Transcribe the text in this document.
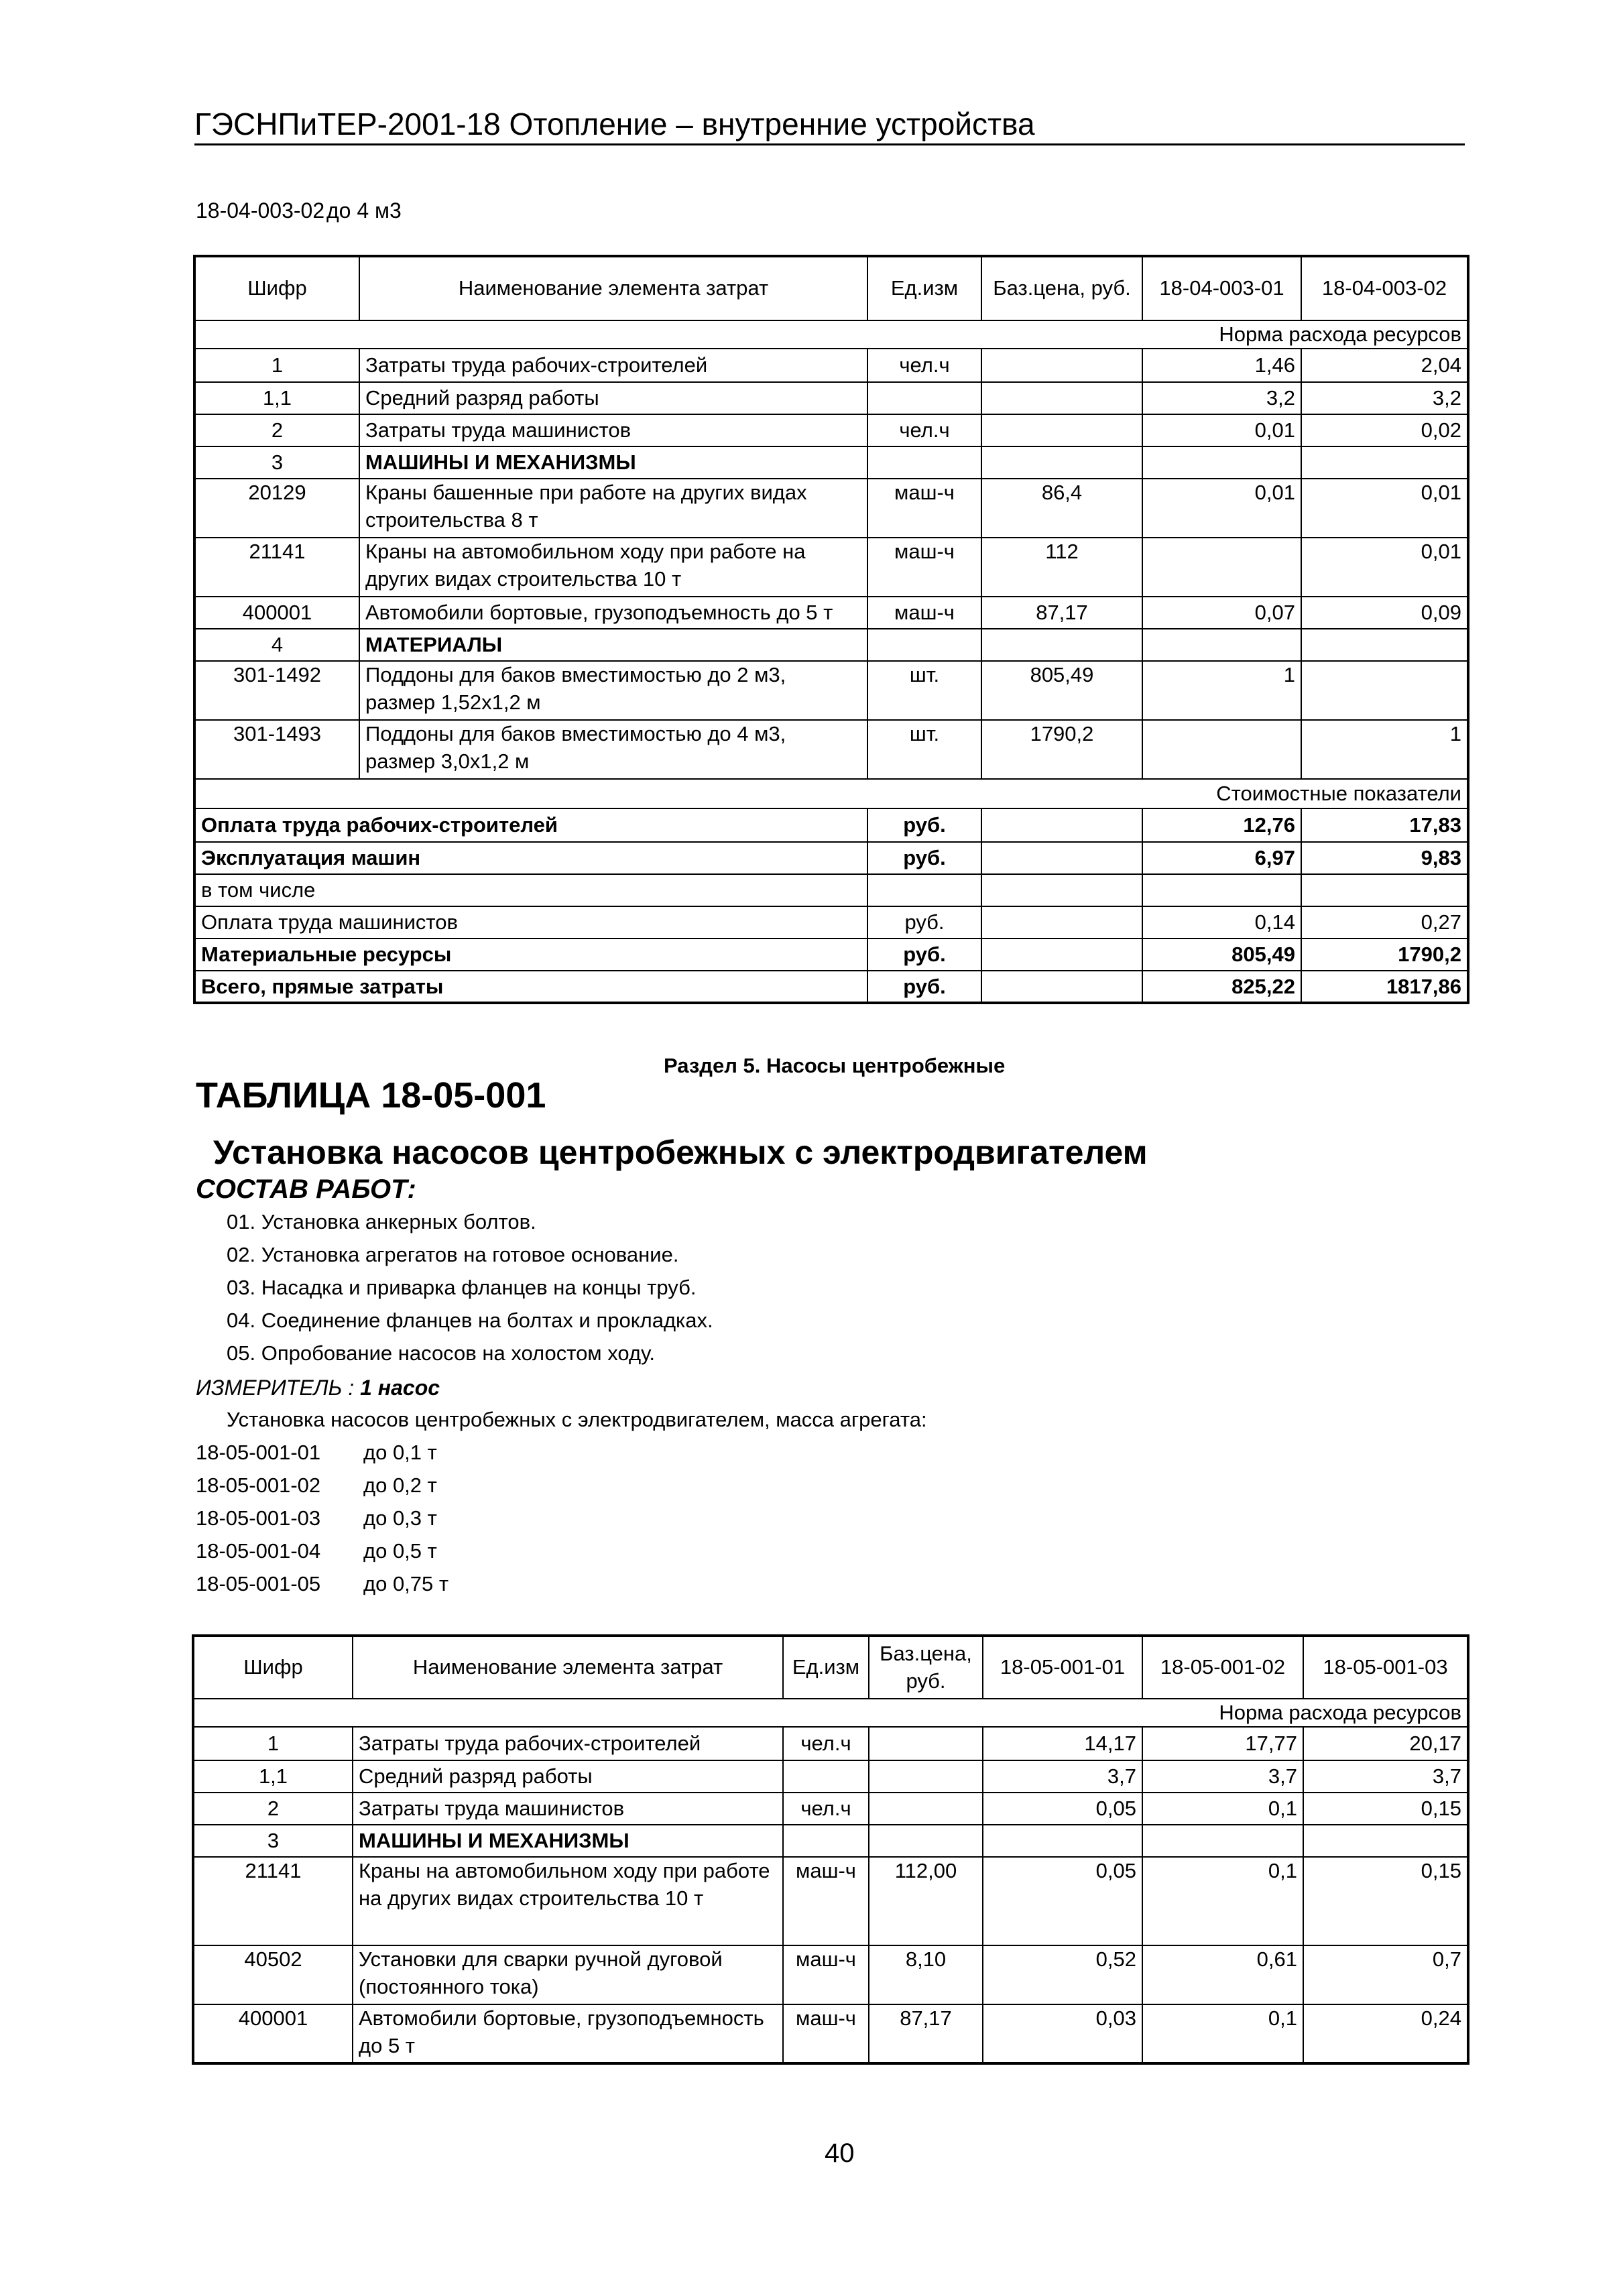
ГЭСНПиТЕР-2001-18 Отопление – внутренние устройства
18-04-003-02 до 4 м3
Шифр	Наименование элемента затрат	Ед.изм	Баз.цена, руб.	18-04-003-01	18-04-003-02
Норма расхода ресурсов					
1	Затраты труда рабочих-строителей	чел.ч		1,46	2,04
1,1	Средний разряд работы			3,2	3,2
2	Затраты труда машинистов	чел.ч		0,01	0,02
3	МАШИНЫ И МЕХАНИЗМЫ				
20129	Краны башенные при работе на других видах строительства 8 т	маш-ч	86,4	0,01	0,01
21141	Краны на автомобильном ходу при работе на других видах строительства 10 т	маш-ч	112		0,01
400001	Автомобили бортовые, грузоподъемность до 5 т	маш-ч	87,17	0,07	0,09
4	МАТЕРИАЛЫ				
301-1492	Поддоны для баков вместимостью до 2 м3, размер 1,52х1,2 м	шт.	805,49	1	
301-1493	Поддоны для баков вместимостью до 4 м3, размер 3,0х1,2 м	шт.	1790,2		1
Стоимостные показатели					
Оплата труда рабочих-строителей		руб.		12,76	17,83
Эксплуатация машин		руб.		6,97	9,83
в том числе					
Оплата труда машинистов		руб.		0,14	0,27
Материальные ресурсы		руб.		805,49	1790,2
Всего, прямые затраты		руб.		825,22	1817,86
Раздел 5. Насосы центробежные
ТАБЛИЦА 18-05-001
Установка насосов центробежных с электродвигателем
СОСТАВ РАБОТ:
01. Установка анкерных болтов.
02. Установка агрегатов на готовое основание.
03. Насадка и приварка фланцев на концы труб.
04. Соединение фланцев на болтах и прокладках.
05. Опробование насосов на холостом ходу.
ИЗМЕРИТЕЛЬ : 1 насос
Установка насосов центробежных с электродвигателем, масса агрегата:
18-05-001-01 до 0,1 т
18-05-001-02 до 0,2 т
18-05-001-03 до 0,3 т
18-05-001-04 до 0,5 т
18-05-001-05 до 0,75 т
Шифр	Наименование элемента затрат	Ед.изм	Баз.цена, руб.	18-05-001-01	18-05-001-02	18-05-001-03
Норма расхода ресурсов						
1	Затраты труда рабочих-строителей	чел.ч		14,17	17,77	20,17
1,1	Средний разряд работы			3,7	3,7	3,7
2	Затраты труда машинистов	чел.ч		0,05	0,1	0,15
3	МАШИНЫ И МЕХАНИЗМЫ					
21141	Краны на автомобильном ходу при работе на других видах строительства 10 т	маш-ч	112,00	0,05	0,1	0,15
40502	Установки для сварки ручной дуговой (постоянного тока)	маш-ч	8,10	0,52	0,61	0,7
400001	Автомобили бортовые, грузоподъемность до 5 т	маш-ч	87,17	0,03	0,1	0,24
40
